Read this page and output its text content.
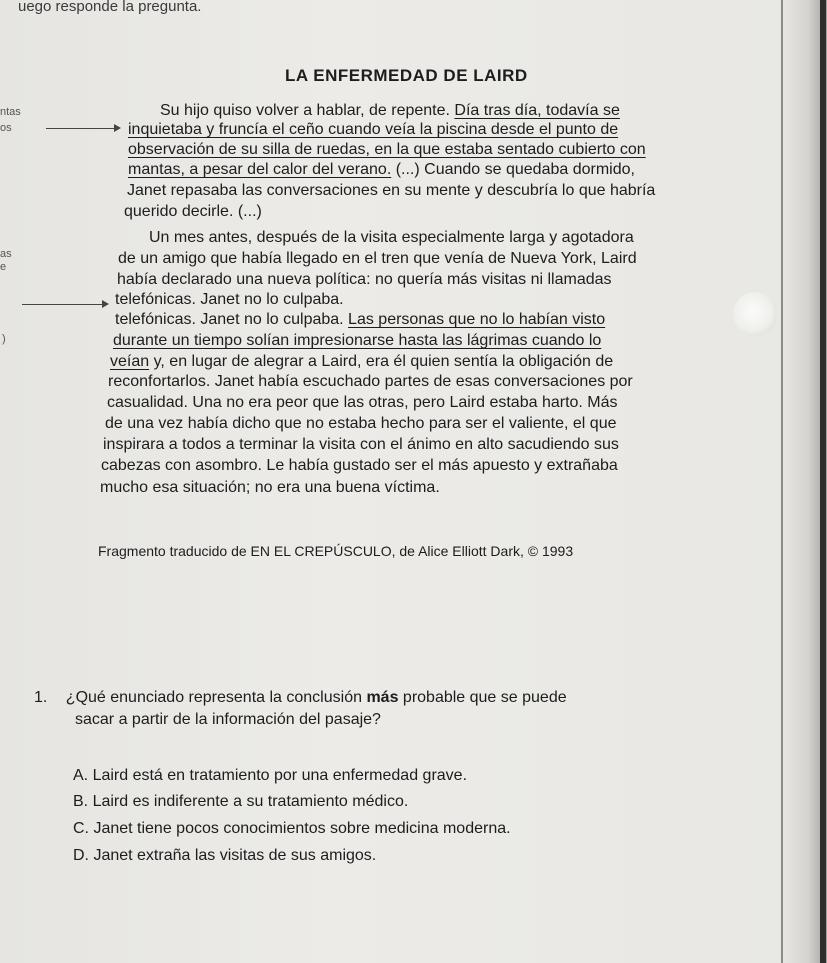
uego responde la pregunta.
LA ENFERMEDAD DE LAIRD
ntas
os
as
e
)
Su hijo quiso volver a hablar, de repente. Día tras día, todavía se
inquietaba y fruncía el ceño cuando veía la piscina desde el punto de
observación de su silla de ruedas, en la que estaba sentado cubierto con
mantas, a pesar del calor del verano. (...) Cuando se quedaba dormido,
Janet repasaba las conversaciones en su mente y descubría lo que habría
querido decirle. (...)
Un mes antes, después de la visita especialmente larga y agotadora
de un amigo que había llegado en el tren que venía de Nueva York, Laird
había declarado una nueva política: no quería más visitas ni llamadas
telefónicas. Janet no lo culpaba.
telefónicas. Janet no lo culpaba. Las personas que no lo habían visto
durante un tiempo solían impresionarse hasta las lágrimas cuando lo
veían y, en lugar de alegrar a Laird, era él quien sentía la obligación de
reconfortarlos. Janet había escuchado partes de esas conversaciones por
casualidad. Una no era peor que las otras, pero Laird estaba harto. Más
de una vez había dicho que no estaba hecho para ser el valiente, el que
inspirara a todos a terminar la visita con el ánimo en alto sacudiendo sus
cabezas con asombro. Le había gustado ser el más apuesto y extrañaba
mucho esa situación; no era una buena víctima.
Fragmento traducido de EN EL CREPÚSCULO, de Alice Elliott Dark, © 1993
1. ¿Qué enunciado representa la conclusión más probable que se puede
sacar a partir de la información del pasaje?
A. Laird está en tratamiento por una enfermedad grave.
B. Laird es indiferente a su tratamiento médico.
C. Janet tiene pocos conocimientos sobre medicina moderna.
D. Janet extraña las visitas de sus amigos.
